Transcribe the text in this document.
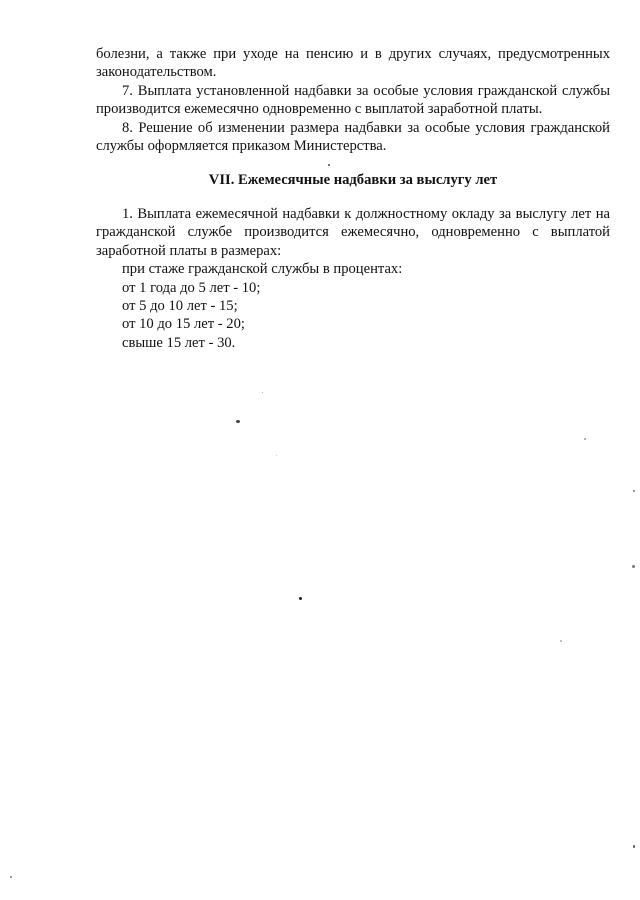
болезни, а также при уходе на пенсию и в других случаях, предусмотренных законодательством.

7. Выплата установленной надбавки за особые условия гражданской службы производится ежемесячно одновременно с выплатой заработной платы.

8. Решение об изменении размера надбавки за особые условия гражданской службы оформляется приказом Министерства.

VII. Ежемесячные надбавки за выслугу лет

1. Выплата ежемесячной надбавки к должностному окладу за выслугу лет на гражданской службе производится ежемесячно, одновременно с выплатой заработной платы в размерах:

при стаже гражданской службы в процентах:

от 1 года до 5 лет - 10;

от 5 до 10 лет - 15;

от 10 до 15 лет - 20;

свыше 15 лет - 30.
